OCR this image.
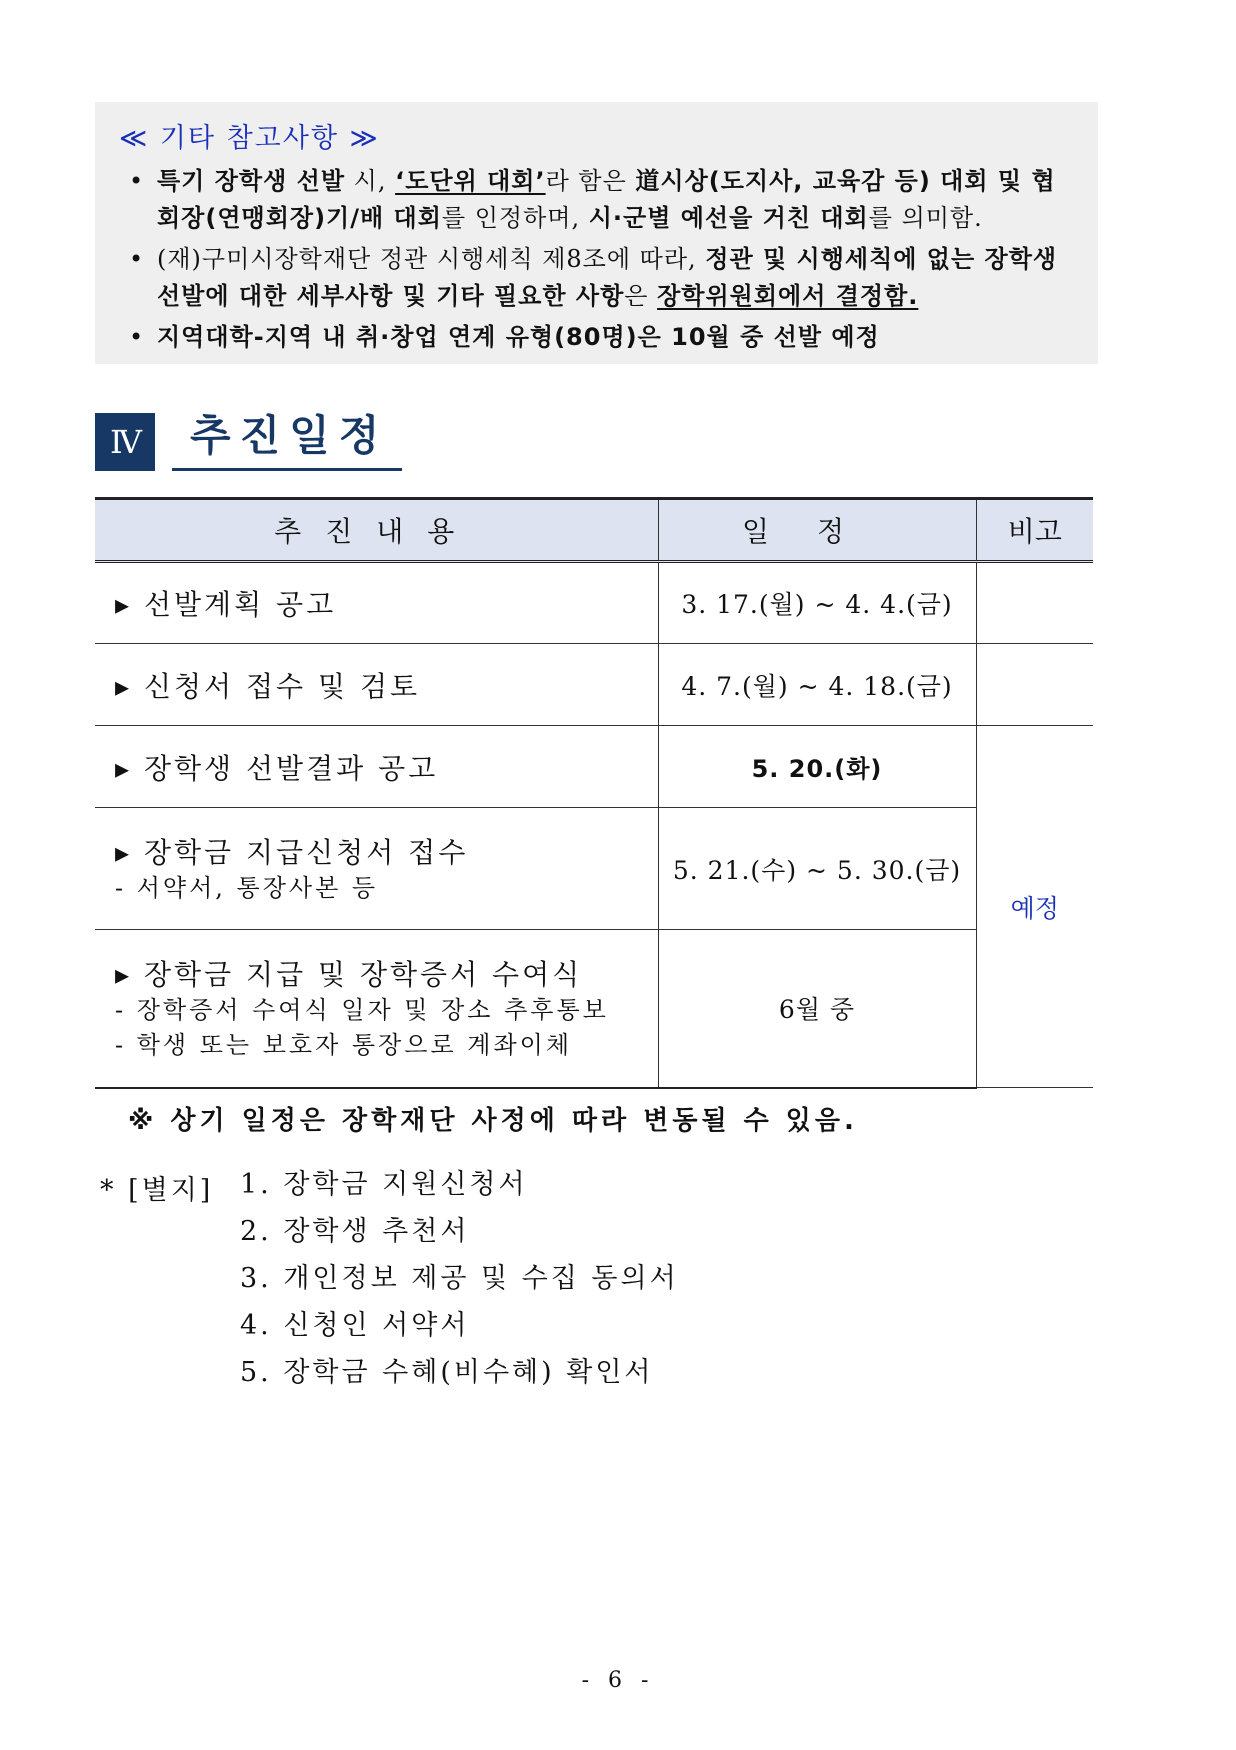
≪ 기타 참고사항 ≫
• 특기 장학생 선발 시, ‘도단위 대회’라 함은 道시상(도지사, 교육감 등) 대회 및 협회장(연맹회장)기/배 대회를 인정하며, 시·군별 예선을 거친 대회를 의미함.
• (재)구미시장학재단 정관 시행세칙 제8조에 따라, 정관 및 시행세칙에 없는 장학생 선발에 대한 세부사항 및 기타 필요한 사항은 장학위원회에서 결정함.
• 지역대학-지역 내 취·창업 연계 유형(80명)은 10월 중 선발 예정
Ⅳ	추진일정
추진내용	일정	비고

▸ 선발계획 공고	3. 17.(월) ~ 4. 4.(금)	

▸ 신청서 접수 및 검토	4. 7.(월) ~ 4. 18.(금)	

▸ 장학생 선발결과 공고	5. 20.(화)	예정

▸ 장학금 지급신청서 접수
- 서약서, 통장사본 등	5. 21.(수) ~ 5. 30.(금)	

▸ 장학금 지급 및 장학증서 수여식
- 장학증서 수여식 일자 및 장소 추후통보
- 학생 또는 보호자 통장으로 계좌이체	6월 중	
※ 상기 일정은 장학재단 사정에 따라 변동될 수 있음.
* [별지] 1. 장학금 지원신청서
2. 장학생 추천서
3. 개인정보 제공 및 수집 동의서
4. 신청인 서약서
5. 장학금 수혜(비수혜) 확인서
- 6 -
